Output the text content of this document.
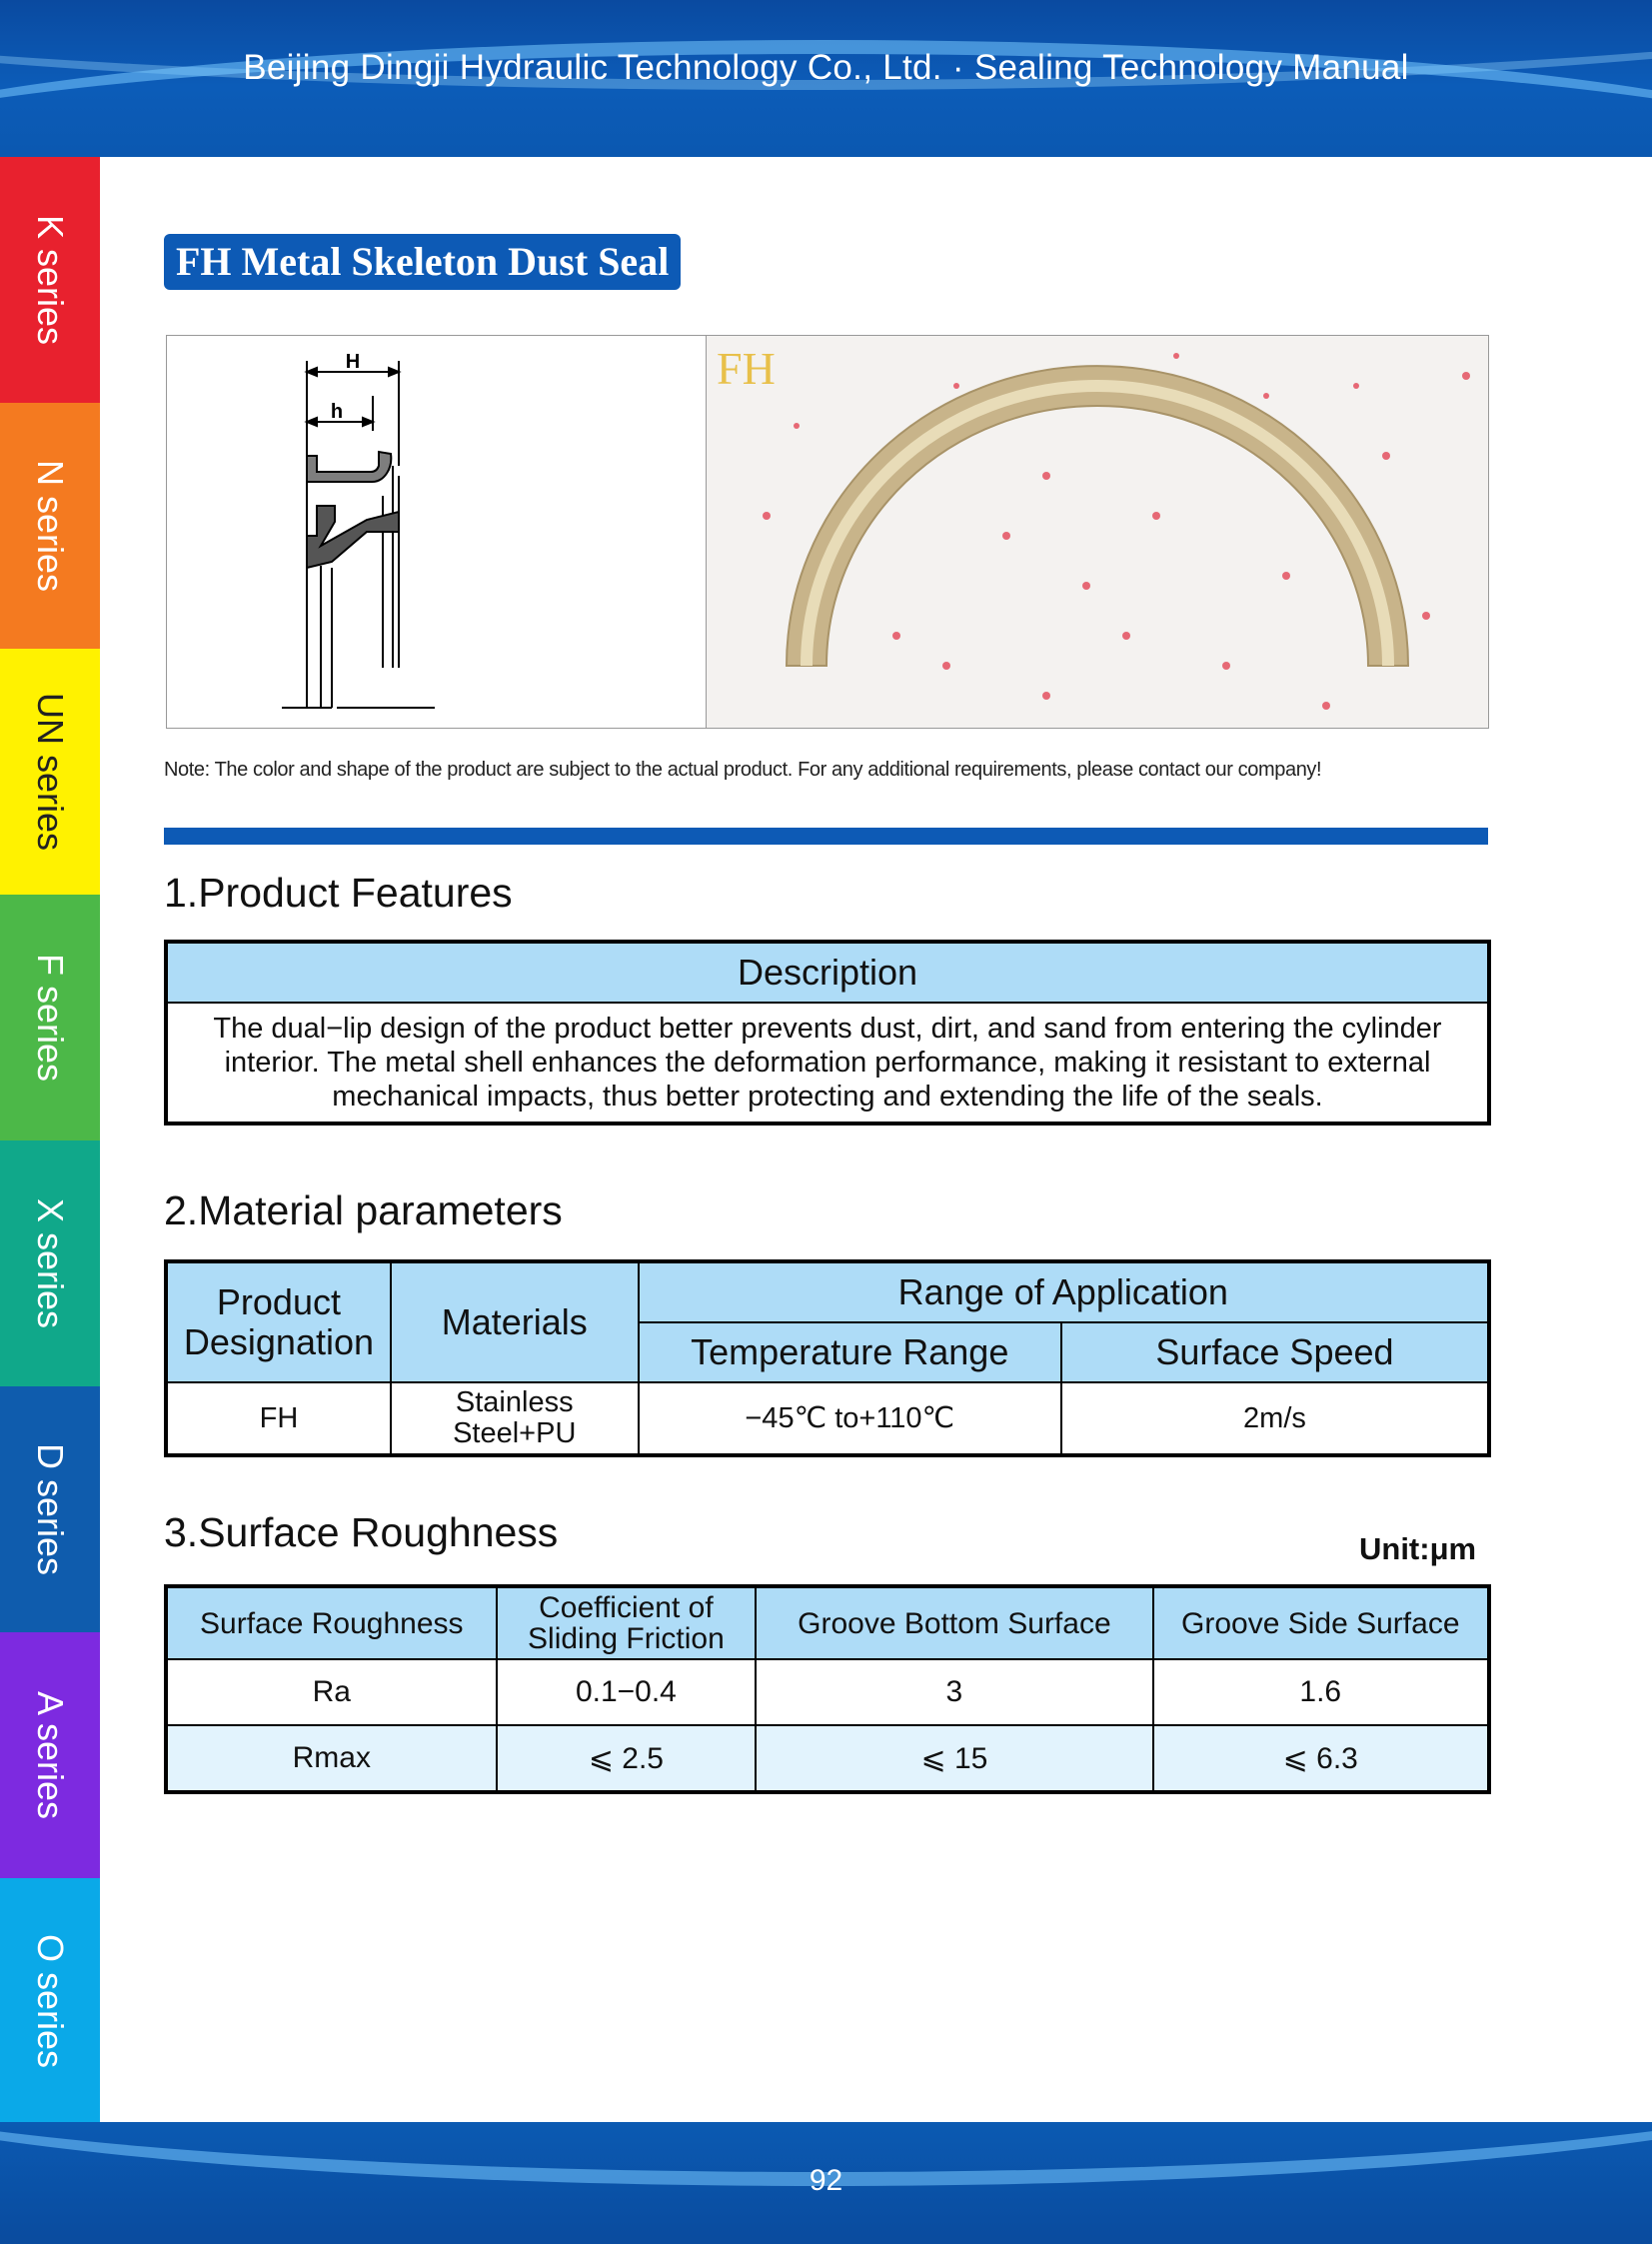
Beijing Dingji Hydraulic Technology Co., Ltd. · Sealing Technology Manual
K series
N series
UN series
F series
X series
D series
A series
O series
FH Metal Skeleton Dust Seal
H
h
FH
Note: The color and shape of the product are subject to the actual product. For any additional requirements, please contact our company!
1.Product Features
Description
The dual−lip design of the product better prevents dust, dirt, and sand from entering the cylinder interior. The metal shell enhances the deformation performance, making it resistant to external mechanical impacts, thus better protecting and extending the life of the seals.
2.Material parameters
Product Designation	Materials	Range of Application	
		Temperature Range	Surface Speed
FH	Stainless Steel+PU	−45℃ to+110℃	2m/s
3.Surface Roughness	Unit:μm
Surface Roughness	Coefficient of Sliding Friction	Groove Bottom Surface	Groove Side Surface
Ra	0.1−0.4	3	1.6
Rmax	⩽ 2.5	⩽ 15	⩽ 6.3
92
